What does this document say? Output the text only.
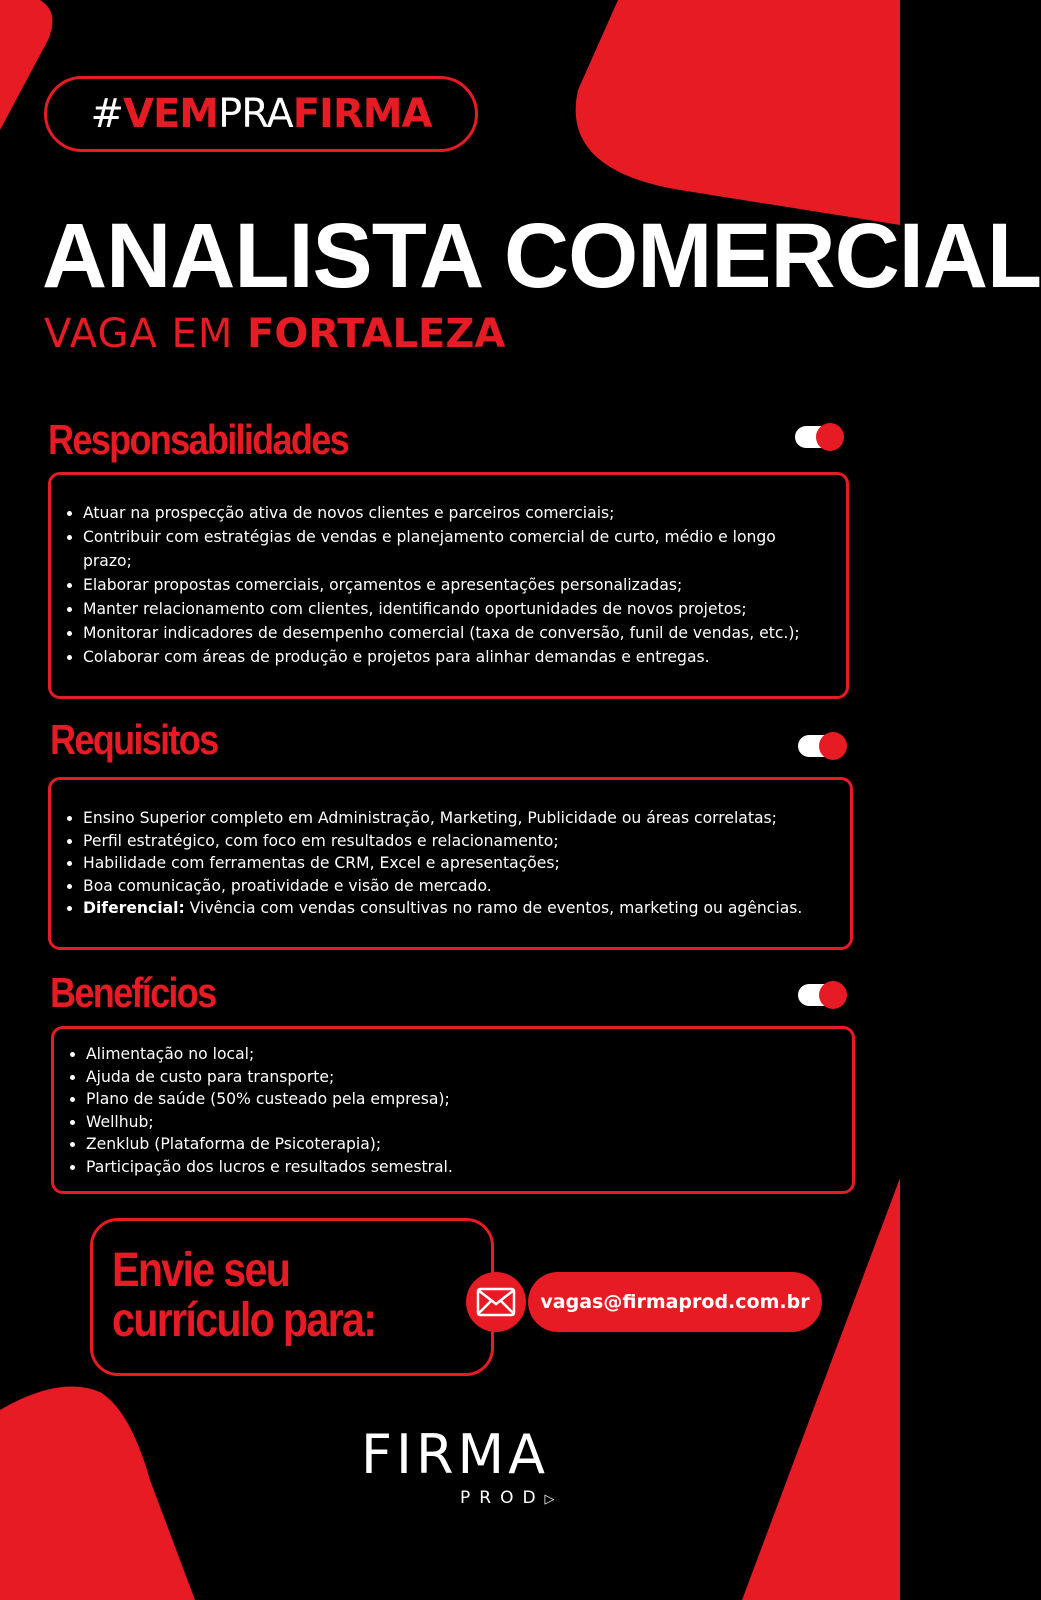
# VEM PRA FIRMA
ANALISTA COMERCIAL
VAGA EM FORTALEZA
Responsabilidades
• Atuar na prospecção ativa de novos clientes e parceiros comerciais;
• Contribuir com estratégias de vendas e planejamento comercial de curto, médio e longo prazo;
• Elaborar propostas comerciais, orçamentos e apresentações personalizadas;
• Manter relacionamento com clientes, identificando oportunidades de novos projetos;
• Monitorar indicadores de desempenho comercial (taxa de conversão, funil de vendas, etc.);
• Colaborar com áreas de produção e projetos para alinhar demandas e entregas.
Requisitos
• Ensino Superior completo em Administração, Marketing, Publicidade ou áreas correlatas;
• Perfil estratégico, com foco em resultados e relacionamento;
• Habilidade com ferramentas de CRM, Excel e apresentações;
• Boa comunicação, proatividade e visão de mercado.
• Diferencial: Vivência com vendas consultivas no ramo de eventos, marketing ou agências.
Benefícios
• Alimentação no local;
• Ajuda de custo para transporte;
• Plano de saúde (50% custeado pela empresa);
• Wellhub;
• Zenklub (Plataforma de Psicoterapia);
• Participação dos lucros e resultados semestral.
Envie seu
currículo para:	vagas@firmaprod.com.br
FIRMA
PROD▷
